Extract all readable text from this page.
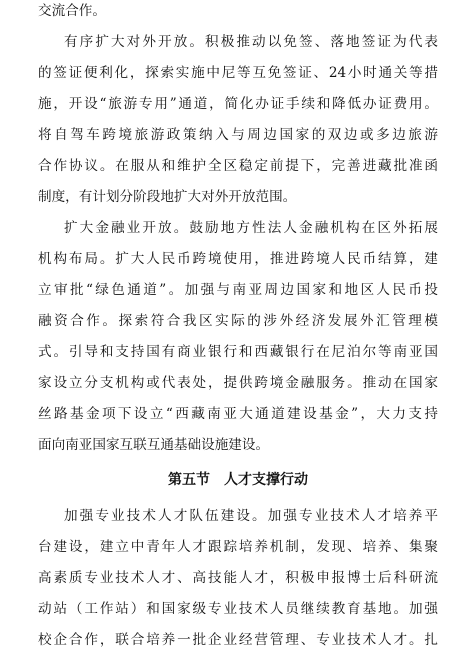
交流合作。
有序扩大对外开放。积极推动以免签、落地签证为代表
的签证便利化，探索实施中尼等互免签证、24小时通关等措
施，开设“旅游专用”通道，简化办证手续和降低办证费用。
将自驾车跨境旅游政策纳入与周边国家的双边或多边旅游
合作协议。在服从和维护全区稳定前提下，完善进藏批准函
制度，有计划分阶段地扩大对外开放范围。
扩大金融业开放。鼓励地方性法人金融机构在区外拓展
机构布局。扩大人民币跨境使用，推进跨境人民币结算，建
立审批“绿色通道”。加强与南亚周边国家和地区人民币投
融资合作。探索符合我区实际的涉外经济发展外汇管理模
式。引导和支持国有商业银行和西藏银行在尼泊尔等南亚国
家设立分支机构或代表处，提供跨境金融服务。推动在国家
丝路基金项下设立“西藏南亚大通道建设基金”，大力支持
面向南亚国家互联互通基础设施建设。
第五节　人才支撑行动
加强专业技术人才队伍建设。加强专业技术人才培养平
台建设，建立中青年人才跟踪培养机制，发现、培养、集聚
高素质专业技术人才、高技能人才，积极申报博士后科研流
动站（工作站）和国家级专业技术人员继续教育基地。加强
校企合作，联合培养一批企业经营管理、专业技术人才。扎
